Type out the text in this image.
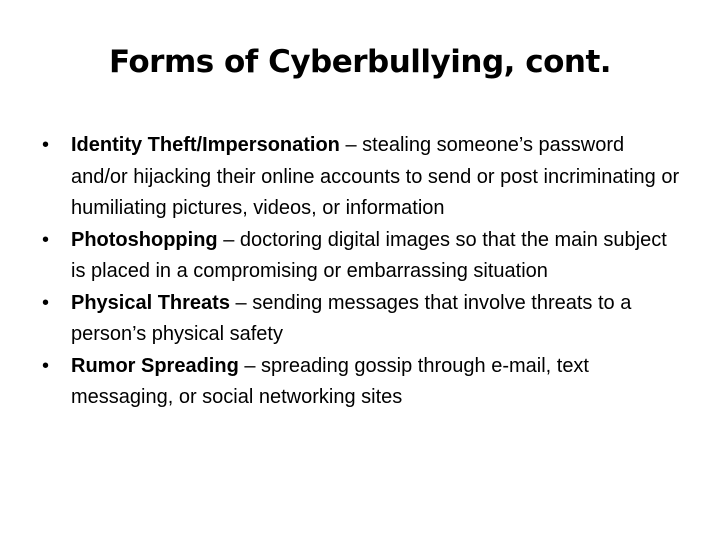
Forms of Cyberbullying, cont.
•	Identity Theft/Impersonation – stealing someone’s password and/or hijacking their online accounts to send or post incriminating or humiliating pictures, videos, or information
•	Photoshopping – doctoring digital images so that the main subject is placed in a compromising or embarrassing situation
•	Physical Threats – sending messages that involve threats to a person’s physical safety
•	Rumor Spreading – spreading gossip through e-mail, text messaging, or social networking sites
